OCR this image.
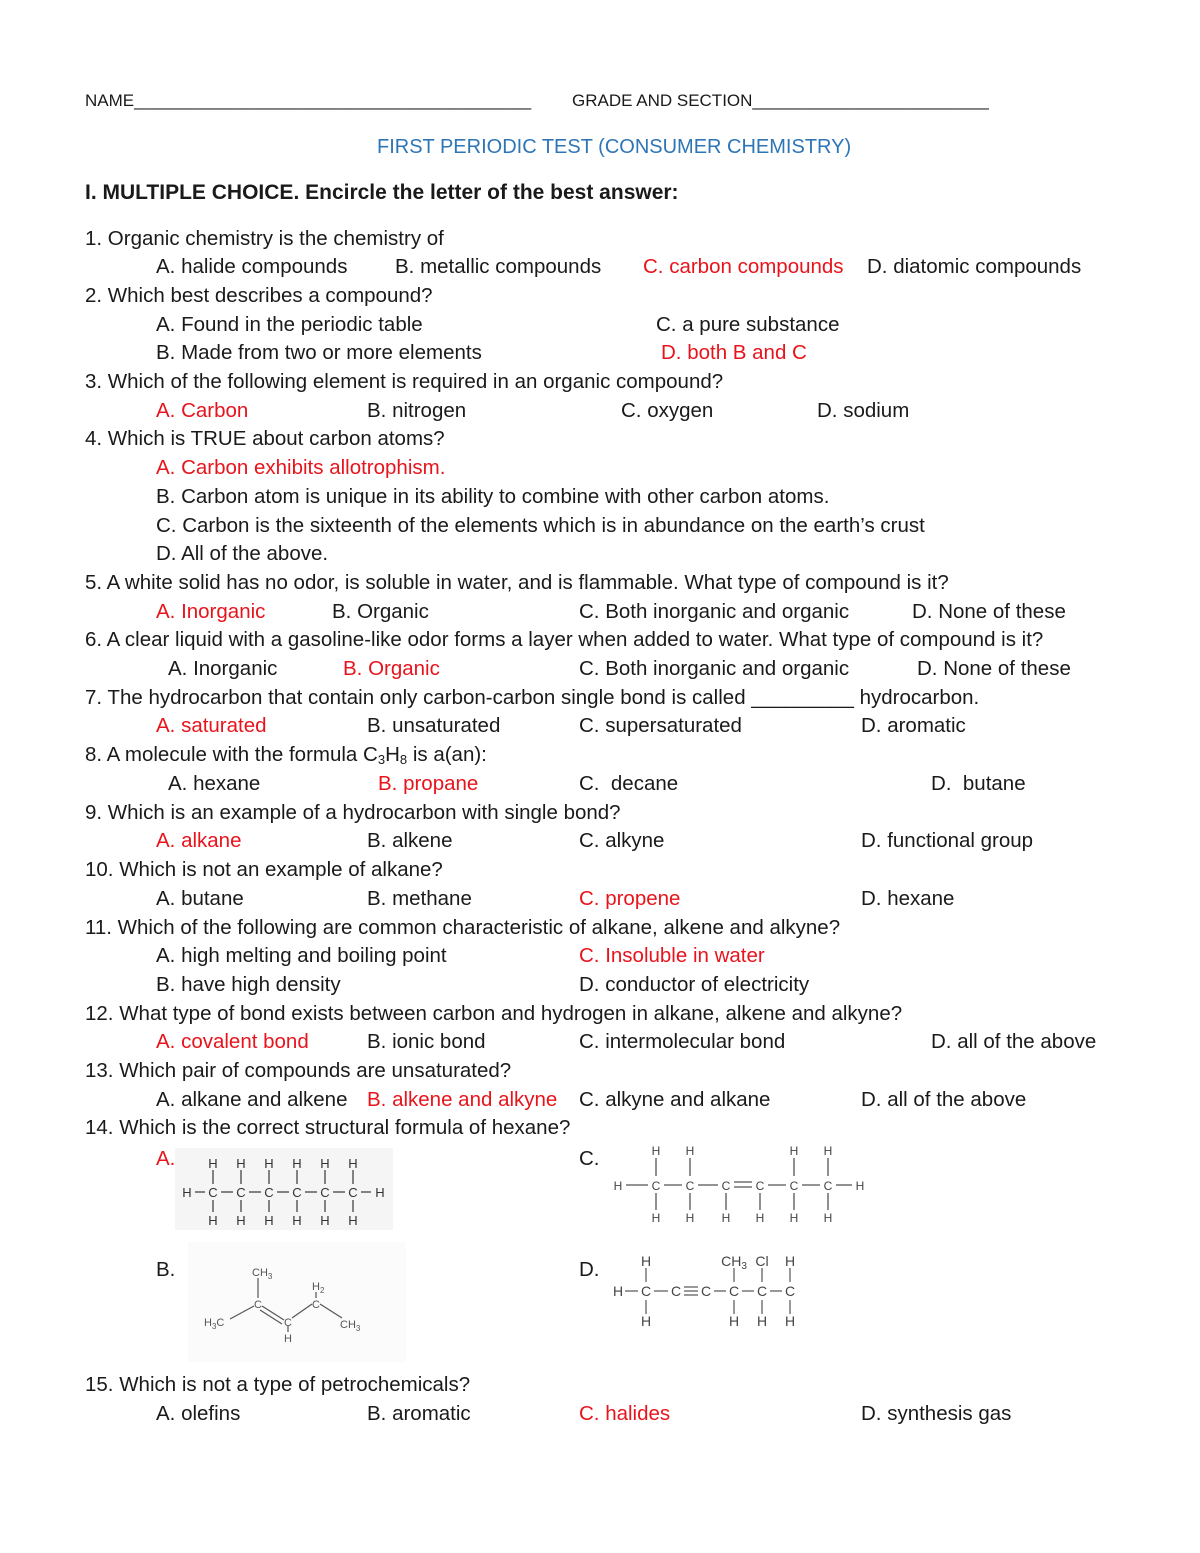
NAME__________________________________________ GRADE AND SECTION_________________________
FIRST PERIODIC TEST (CONSUMER CHEMISTRY)
I. MULTIPLE CHOICE. Encircle the letter of the best answer:
1. Organic chemistry is the chemistry of
A. halide compounds B. metallic compounds C. carbon compounds D. diatomic compounds
2. Which best describes a compound?
A. Found in the periodic table	C. a pure substance
B. Made from two or more elements	D. both B and C
3. Which of the following element is required in an organic compound?
A. Carbon	B. nitrogen	C. oxygen	D. sodium
4. Which is TRUE about carbon atoms?
A. Carbon exhibits allotrophism.
B. Carbon atom is unique in its ability to combine with other carbon atoms.
C. Carbon is the sixteenth of the elements which is in abundance on the earth’s crust
D. All of the above.
5. A white solid has no odor, is soluble in water, and is flammable. What type of compound is it?
A. Inorganic	B. Organic	C. Both inorganic and organic	D. None of these
6. A clear liquid with a gasoline-like odor forms a layer when added to water. What type of compound is it?
A. Inorganic	B. Organic	C. Both inorganic and organic	D. None of these
7. The hydrocarbon that contain only carbon-carbon single bond is called _________ hydrocarbon.
A. saturated	B. unsaturated	C. supersaturated	D. aromatic
8. A molecule with the formula $C_3H_8$ is a(an):
A. hexane	B. propane	C.  decane	D.  butane
9. Which is an example of a hydrocarbon with single bond?
A. alkane	B. alkene	C. alkyne	D. functional group
10. Which is not an example of alkane?
A. butane	B. methane	C. propene	D. hexane
11. Which of the following are common characteristic of alkane, alkene and alkyne?
A. high melting and boiling point	C. Insoluble in water
B. have high density	D. conductor of electricity
12. What type of bond exists between carbon and hydrogen in alkane, alkene and alkyne?
A. covalent bond	B. ionic bond	C. intermolecular bond	D. all of the above
13. Which pair of compounds are unsaturated?
A. alkane and alkene B. alkene and alkyne C. alkyne and alkane	D. all of the above
14. Which is the correct structural formula of hexane?
A.	C.
B.	D.
H H H H H H
H C C C C C C H
H H H H H H
H H	H H
H C C C C C C H
H H H H H H
$CH_3$
C
C
H
$H_2$
C
$H_3C$	$CH_3$
H	$CH_3$ Cl H
H C C C C C C
H	H H H
15. Which is not a type of petrochemicals?
A. olefins	B. aromatic	C. halides	D. synthesis gas
